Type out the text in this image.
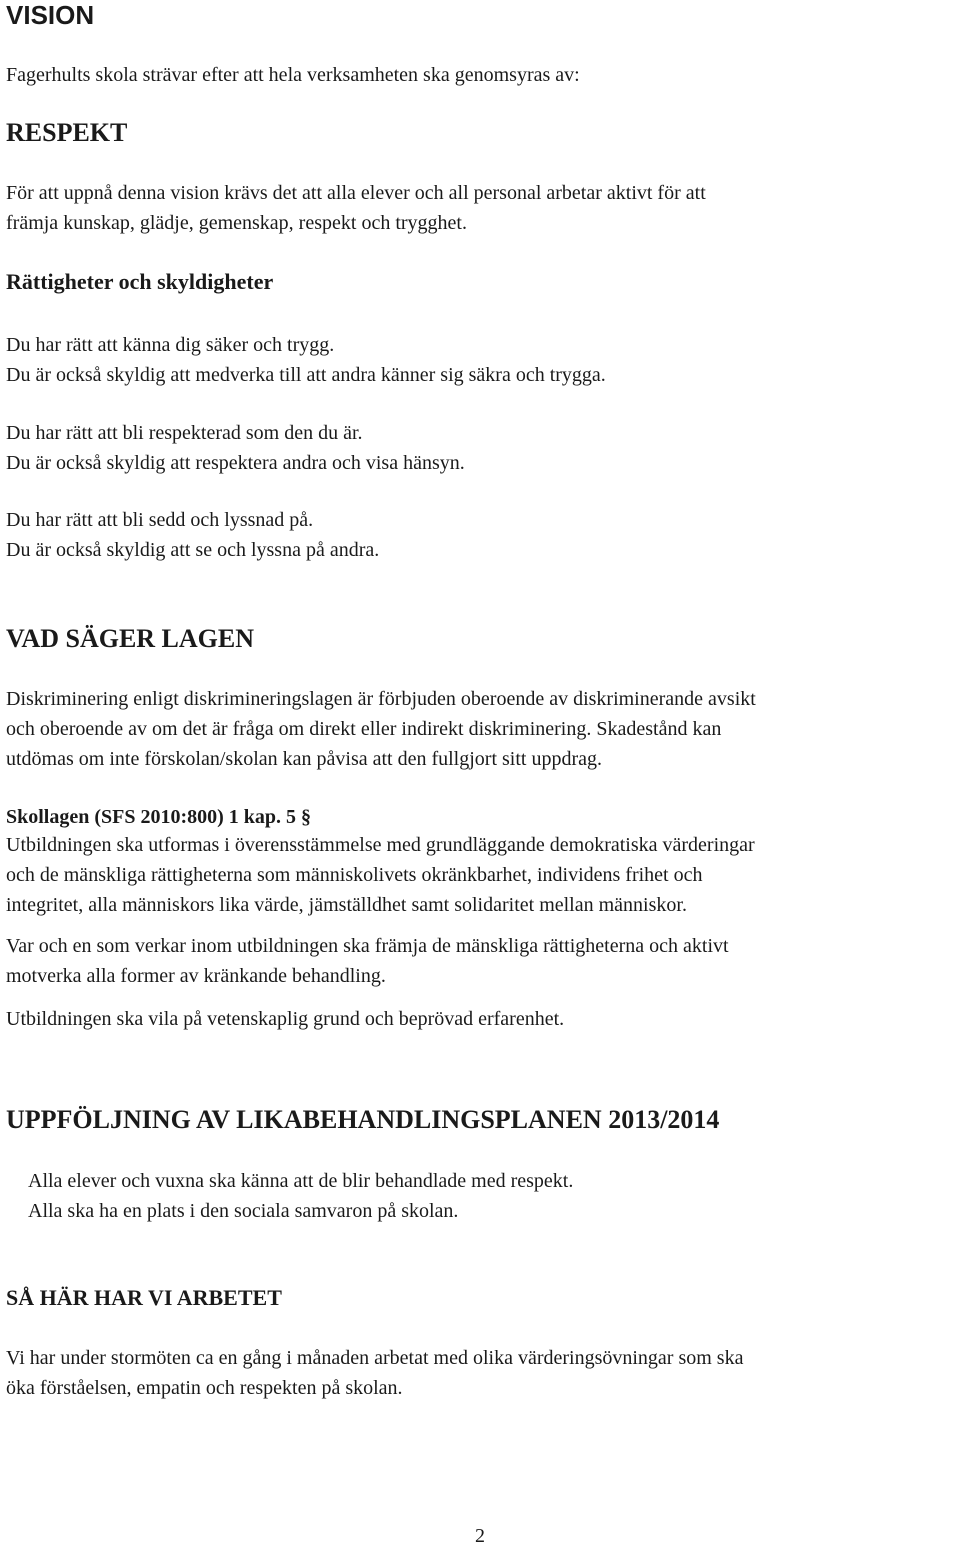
VISION

Fagerhults skola strävar efter att hela verksamheten ska genomsyras av:

RESPEKT

För att uppnå denna vision krävs det att alla elever och all personal arbetar aktivt för att
främja kunskap, glädje, gemenskap, respekt och trygghet.

Rättigheter och skyldigheter

Du har rätt att känna dig säker och trygg.
Du är också skyldig att medverka till att andra känner sig säkra och trygga.

Du har rätt att bli respekterad som den du är.
Du är också skyldig att respektera andra och visa hänsyn.

Du har rätt att bli sedd och lyssnad på.
Du är också skyldig att se och lyssna på andra.

VAD SÄGER LAGEN

Diskriminering enligt diskrimineringslagen är förbjuden oberoende av diskriminerande avsikt
och oberoende av om det är fråga om direkt eller indirekt diskriminering. Skadestånd kan
utdömas om inte förskolan/skolan kan påvisa att den fullgjort sitt uppdrag.

Skollagen (SFS 2010:800) 1 kap. 5 §

Utbildningen ska utformas i överensstämmelse med grundläggande demokratiska värderingar
och de mänskliga rättigheterna som människolivets okränkbarhet, individens frihet och
integritet, alla människors lika värde, jämställdhet samt solidaritet mellan människor.

Var och en som verkar inom utbildningen ska främja de mänskliga rättigheterna och aktivt
motverka alla former av kränkande behandling.

Utbildningen ska vila på vetenskaplig grund och beprövad erfarenhet.

UPPFÖLJNING AV LIKABEHANDLINGSPLANEN 2013/2014

Alla elever och vuxna ska känna att de blir behandlade med respekt.
Alla ska ha en plats i den sociala samvaron på skolan.

SÅ HÄR HAR VI ARBETET

Vi har under stormöten ca en gång i månaden arbetat med olika värderingsövningar som ska
öka förståelsen, empatin och respekten på skolan.

2
